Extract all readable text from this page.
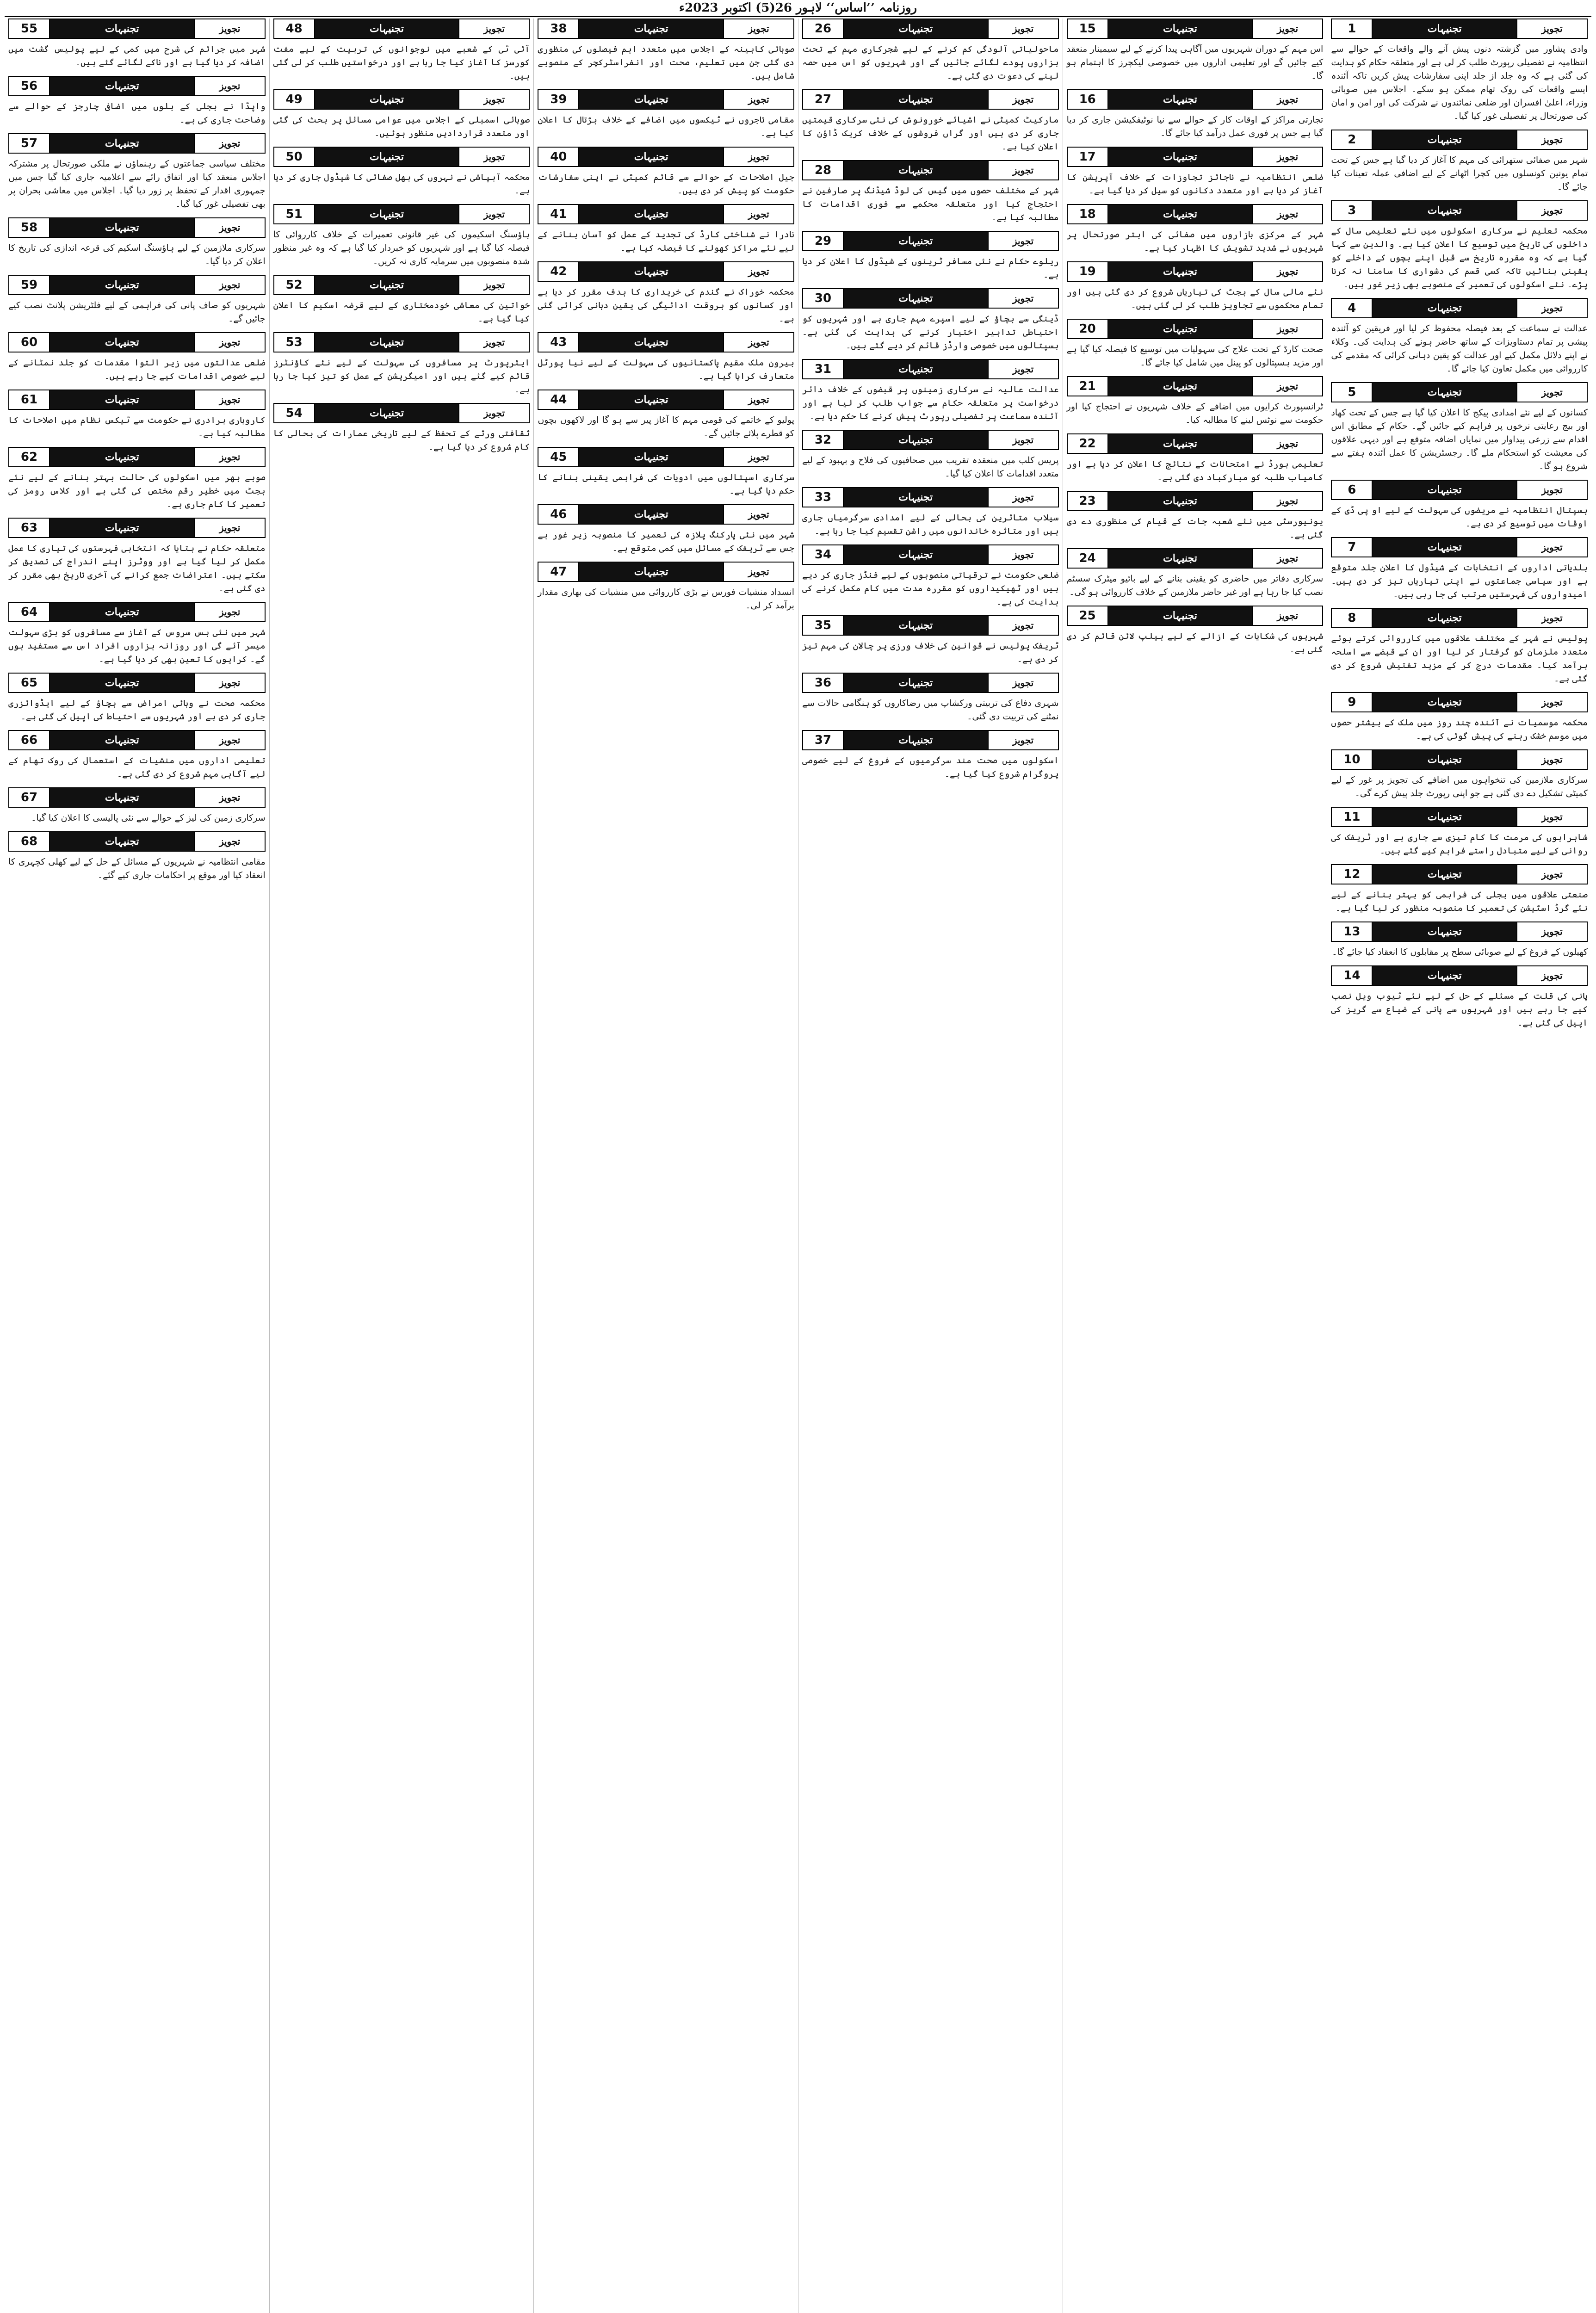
روزنامہ ’’اساس‘‘ لاہور 26(5) اکتوبر 2023ء
1	تجنیہات	تجویز
وادی پشاور میں گزشتہ دنوں پیش آنے والے واقعات کے حوالے سے انتظامیہ نے تفصیلی رپورٹ طلب کر لی ہے اور متعلقہ حکام کو ہدایت کی گئی ہے کہ وہ جلد از جلد اپنی سفارشات پیش کریں تاکہ آئندہ ایسے واقعات کی روک تھام ممکن ہو سکے۔ اجلاس میں صوبائی وزراء، اعلیٰ افسران اور ضلعی نمائندوں نے شرکت کی اور امن و امان کی صورتحال پر تفصیلی غور کیا گیا۔
2	تجنیہات	تجویز
شہر میں صفائی ستھرائی کی مہم کا آغاز کر دیا گیا ہے جس کے تحت تمام یونین کونسلوں میں کچرا اٹھانے کے لیے اضافی عملہ تعینات کیا جائے گا۔
3	تجنیہات	تجویز
محکمہ تعلیم نے سرکاری اسکولوں میں نئے تعلیمی سال کے داخلوں کی تاریخ میں توسیع کا اعلان کیا ہے۔ والدین سے کہا گیا ہے کہ وہ مقررہ تاریخ سے قبل اپنے بچوں کے داخلے کو یقینی بنائیں تاکہ کسی قسم کی دشواری کا سامنا نہ کرنا پڑے۔ نئے اسکولوں کی تعمیر کے منصوبے بھی زیر غور ہیں۔
4	تجنیہات	تجویز
عدالت نے سماعت کے بعد فیصلہ محفوظ کر لیا اور فریقین کو آئندہ پیشی پر تمام دستاویزات کے ساتھ حاضر ہونے کی ہدایت کی۔ وکلاء نے اپنے دلائل مکمل کیے اور عدالت کو یقین دہانی کرائی کہ مقدمے کی کارروائی میں مکمل تعاون کیا جائے گا۔
5	تجنیہات	تجویز
کسانوں کے لیے نئے امدادی پیکج کا اعلان کیا گیا ہے جس کے تحت کھاد اور بیج رعایتی نرخوں پر فراہم کیے جائیں گے۔ حکام کے مطابق اس اقدام سے زرعی پیداوار میں نمایاں اضافہ متوقع ہے اور دیہی علاقوں کی معیشت کو استحکام ملے گا۔ رجسٹریشن کا عمل آئندہ ہفتے سے شروع ہو گا۔
6	تجنیہات	تجویز
ہسپتال انتظامیہ نے مریضوں کی سہولت کے لیے او پی ڈی کے اوقات میں توسیع کر دی ہے۔
7	تجنیہات	تجویز
بلدیاتی اداروں کے انتخابات کے شیڈول کا اعلان جلد متوقع ہے اور سیاسی جماعتوں نے اپنی تیاریاں تیز کر دی ہیں۔ امیدواروں کی فہرستیں مرتب کی جا رہی ہیں۔
8	تجنیہات	تجویز
پولیس نے شہر کے مختلف علاقوں میں کارروائی کرتے ہوئے متعدد ملزمان کو گرفتار کر لیا اور ان کے قبضے سے اسلحہ برآمد کیا۔ مقدمات درج کر کے مزید تفتیش شروع کر دی گئی ہے۔
9	تجنیہات	تجویز
محکمہ موسمیات نے آئندہ چند روز میں ملک کے بیشتر حصوں میں موسم خشک رہنے کی پیش گوئی کی ہے۔
10	تجنیہات	تجویز
سرکاری ملازمین کی تنخواہوں میں اضافے کی تجویز پر غور کے لیے کمیٹی تشکیل دے دی گئی ہے جو اپنی رپورٹ جلد پیش کرے گی۔
11	تجنیہات	تجویز
شاہراہوں کی مرمت کا کام تیزی سے جاری ہے اور ٹریفک کی روانی کے لیے متبادل راستے فراہم کیے گئے ہیں۔
12	تجنیہات	تجویز
صنعتی علاقوں میں بجلی کی فراہمی کو بہتر بنانے کے لیے نئے گرڈ اسٹیشن کی تعمیر کا منصوبہ منظور کر لیا گیا ہے۔
13	تجنیہات	تجویز
کھیلوں کے فروغ کے لیے صوبائی سطح پر مقابلوں کا انعقاد کیا جائے گا۔
14	تجنیہات	تجویز
پانی کی قلت کے مسئلے کے حل کے لیے نئے ٹیوب ویل نصب کیے جا رہے ہیں اور شہریوں سے پانی کے ضیاع سے گریز کی اپیل کی گئی ہے۔
15	تجنیہات	تجویز
اس مہم کے دوران شہریوں میں آگاہی پیدا کرنے کے لیے سیمینار منعقد کیے جائیں گے اور تعلیمی اداروں میں خصوصی لیکچرز کا اہتمام ہو گا۔
16	تجنیہات	تجویز
تجارتی مراکز کے اوقات کار کے حوالے سے نیا نوٹیفکیشن جاری کر دیا گیا ہے جس پر فوری عمل درآمد کیا جائے گا۔
17	تجنیہات	تجویز
ضلعی انتظامیہ نے ناجائز تجاوزات کے خلاف آپریشن کا آغاز کر دیا ہے اور متعدد دکانوں کو سیل کر دیا گیا ہے۔
18	تجنیہات	تجویز
شہر کے مرکزی بازاروں میں صفائی کی ابتر صورتحال پر شہریوں نے شدید تشویش کا اظہار کیا ہے۔
19	تجنیہات	تجویز
نئے مالی سال کے بجٹ کی تیاریاں شروع کر دی گئی ہیں اور تمام محکموں سے تجاویز طلب کر لی گئی ہیں۔
20	تجنیہات	تجویز
صحت کارڈ کے تحت علاج کی سہولیات میں توسیع کا فیصلہ کیا گیا ہے اور مزید ہسپتالوں کو پینل میں شامل کیا جائے گا۔
21	تجنیہات	تجویز
ٹرانسپورٹ کرایوں میں اضافے کے خلاف شہریوں نے احتجاج کیا اور حکومت سے نوٹس لینے کا مطالبہ کیا۔
22	تجنیہات	تجویز
تعلیمی بورڈ نے امتحانات کے نتائج کا اعلان کر دیا ہے اور کامیاب طلبہ کو مبارکباد دی گئی ہے۔
23	تجنیہات	تجویز
یونیورسٹی میں نئے شعبہ جات کے قیام کی منظوری دے دی گئی ہے۔
24	تجنیہات	تجویز
سرکاری دفاتر میں حاضری کو یقینی بنانے کے لیے بائیو میٹرک سسٹم نصب کیا جا رہا ہے اور غیر حاضر ملازمین کے خلاف کارروائی ہو گی۔
25	تجنیہات	تجویز
شہریوں کی شکایات کے ازالے کے لیے ہیلپ لائن قائم کر دی گئی ہے۔
26	تجنیہات	تجویز
ماحولیاتی آلودگی کم کرنے کے لیے شجرکاری مہم کے تحت ہزاروں پودے لگائے جائیں گے اور شہریوں کو اس میں حصہ لینے کی دعوت دی گئی ہے۔
27	تجنیہات	تجویز
مارکیٹ کمیٹی نے اشیائے خورونوش کی نئی سرکاری قیمتیں جاری کر دی ہیں اور گراں فروشوں کے خلاف کریک ڈاؤن کا اعلان کیا ہے۔
28	تجنیہات	تجویز
شہر کے مختلف حصوں میں گیس کی لوڈ شیڈنگ پر صارفین نے احتجاج کیا اور متعلقہ محکمے سے فوری اقدامات کا مطالبہ کیا ہے۔
29	تجنیہات	تجویز
ریلوے حکام نے نئی مسافر ٹرینوں کے شیڈول کا اعلان کر دیا ہے۔
30	تجنیہات	تجویز
ڈینگی سے بچاؤ کے لیے اسپرے مہم جاری ہے اور شہریوں کو احتیاطی تدابیر اختیار کرنے کی ہدایت کی گئی ہے۔ ہسپتالوں میں خصوصی وارڈز قائم کر دیے گئے ہیں۔
31	تجنیہات	تجویز
عدالت عالیہ نے سرکاری زمینوں پر قبضوں کے خلاف دائر درخواست پر متعلقہ حکام سے جواب طلب کر لیا ہے اور آئندہ سماعت پر تفصیلی رپورٹ پیش کرنے کا حکم دیا ہے۔
32	تجنیہات	تجویز
پریس کلب میں منعقدہ تقریب میں صحافیوں کی فلاح و بہبود کے لیے متعدد اقدامات کا اعلان کیا گیا۔
33	تجنیہات	تجویز
سیلاب متاثرین کی بحالی کے لیے امدادی سرگرمیاں جاری ہیں اور متاثرہ خاندانوں میں راشن تقسیم کیا جا رہا ہے۔
34	تجنیہات	تجویز
ضلعی حکومت نے ترقیاتی منصوبوں کے لیے فنڈز جاری کر دیے ہیں اور ٹھیکیداروں کو مقررہ مدت میں کام مکمل کرنے کی ہدایت کی ہے۔
35	تجنیہات	تجویز
ٹریفک پولیس نے قوانین کی خلاف ورزی پر چالان کی مہم تیز کر دی ہے۔
36	تجنیہات	تجویز
شہری دفاع کی تربیتی ورکشاپ میں رضاکاروں کو ہنگامی حالات سے نمٹنے کی تربیت دی گئی۔
37	تجنیہات	تجویز
اسکولوں میں صحت مند سرگرمیوں کے فروغ کے لیے خصوصی پروگرام شروع کیا گیا ہے۔
38	تجنیہات	تجویز
صوبائی کابینہ کے اجلاس میں متعدد اہم فیصلوں کی منظوری دی گئی جن میں تعلیم، صحت اور انفراسٹرکچر کے منصوبے شامل ہیں۔
39	تجنیہات	تجویز
مقامی تاجروں نے ٹیکسوں میں اضافے کے خلاف ہڑتال کا اعلان کیا ہے۔
40	تجنیہات	تجویز
جیل اصلاحات کے حوالے سے قائم کمیٹی نے اپنی سفارشات حکومت کو پیش کر دی ہیں۔
41	تجنیہات	تجویز
نادرا نے شناختی کارڈ کی تجدید کے عمل کو آسان بنانے کے لیے نئے مراکز کھولنے کا فیصلہ کیا ہے۔
42	تجنیہات	تجویز
محکمہ خوراک نے گندم کی خریداری کا ہدف مقرر کر دیا ہے اور کسانوں کو بروقت ادائیگی کی یقین دہانی کرائی گئی ہے۔
43	تجنیہات	تجویز
بیرون ملک مقیم پاکستانیوں کی سہولت کے لیے نیا پورٹل متعارف کرایا گیا ہے۔
44	تجنیہات	تجویز
پولیو کے خاتمے کی قومی مہم کا آغاز پیر سے ہو گا اور لاکھوں بچوں کو قطرے پلائے جائیں گے۔
45	تجنیہات	تجویز
سرکاری اسپتالوں میں ادویات کی فراہمی یقینی بنانے کا حکم دیا گیا ہے۔
46	تجنیہات	تجویز
شہر میں نئی پارکنگ پلازہ کی تعمیر کا منصوبہ زیر غور ہے جس سے ٹریفک کے مسائل میں کمی متوقع ہے۔
47	تجنیہات	تجویز
انسداد منشیات فورس نے بڑی کارروائی میں منشیات کی بھاری مقدار برآمد کر لی۔
48	تجنیہات	تجویز
آئی ٹی کے شعبے میں نوجوانوں کی تربیت کے لیے مفت کورسز کا آغاز کیا جا رہا ہے اور درخواستیں طلب کر لی گئی ہیں۔
49	تجنیہات	تجویز
صوبائی اسمبلی کے اجلاس میں عوامی مسائل پر بحث کی گئی اور متعدد قراردادیں منظور ہوئیں۔
50	تجنیہات	تجویز
محکمہ آبپاشی نے نہروں کی بھل صفائی کا شیڈول جاری کر دیا ہے۔
51	تجنیہات	تجویز
ہاؤسنگ اسکیموں کی غیر قانونی تعمیرات کے خلاف کارروائی کا فیصلہ کیا گیا ہے اور شہریوں کو خبردار کیا گیا ہے کہ وہ غیر منظور شدہ منصوبوں میں سرمایہ کاری نہ کریں۔
52	تجنیہات	تجویز
خواتین کی معاشی خودمختاری کے لیے قرضہ اسکیم کا اعلان کیا گیا ہے۔
53	تجنیہات	تجویز
ایئرپورٹ پر مسافروں کی سہولت کے لیے نئے کاؤنٹرز قائم کیے گئے ہیں اور امیگریشن کے عمل کو تیز کیا جا رہا ہے۔
54	تجنیہات	تجویز
ثقافتی ورثے کے تحفظ کے لیے تاریخی عمارات کی بحالی کا کام شروع کر دیا گیا ہے۔
55	تجنیہات	تجویز
شہر میں جرائم کی شرح میں کمی کے لیے پولیس گشت میں اضافہ کر دیا گیا ہے اور ناکے لگائے گئے ہیں۔
56	تجنیہات	تجویز
واپڈا نے بجلی کے بلوں میں اضافی چارجز کے حوالے سے وضاحت جاری کی ہے۔
57	تجنیہات	تجویز
مختلف سیاسی جماعتوں کے رہنماؤں نے ملکی صورتحال پر مشترکہ اجلاس منعقد کیا اور اتفاق رائے سے اعلامیہ جاری کیا گیا جس میں جمہوری اقدار کے تحفظ پر زور دیا گیا۔ اجلاس میں معاشی بحران پر بھی تفصیلی غور کیا گیا۔
58	تجنیہات	تجویز
سرکاری ملازمین کے لیے ہاؤسنگ اسکیم کی قرعہ اندازی کی تاریخ کا اعلان کر دیا گیا۔
59	تجنیہات	تجویز
شہریوں کو صاف پانی کی فراہمی کے لیے فلٹریشن پلانٹ نصب کیے جائیں گے۔
60	تجنیہات	تجویز
ضلعی عدالتوں میں زیر التوا مقدمات کو جلد نمٹانے کے لیے خصوصی اقدامات کیے جا رہے ہیں۔
61	تجنیہات	تجویز
کاروباری برادری نے حکومت سے ٹیکس نظام میں اصلاحات کا مطالبہ کیا ہے۔
62	تجنیہات	تجویز
صوبے بھر میں اسکولوں کی حالت بہتر بنانے کے لیے نئے بجٹ میں خطیر رقم مختص کی گئی ہے اور کلاس رومز کی تعمیر کا کام جاری ہے۔
63	تجنیہات	تجویز
متعلقہ حکام نے بتایا کہ انتخابی فہرستوں کی تیاری کا عمل مکمل کر لیا گیا ہے اور ووٹرز اپنے اندراج کی تصدیق کر سکتے ہیں۔ اعتراضات جمع کرانے کی آخری تاریخ بھی مقرر کر دی گئی ہے۔
64	تجنیہات	تجویز
شہر میں نئی بس سروس کے آغاز سے مسافروں کو بڑی سہولت میسر آئے گی اور روزانہ ہزاروں افراد اس سے مستفید ہوں گے۔ کرایوں کا تعین بھی کر دیا گیا ہے۔
65	تجنیہات	تجویز
محکمہ صحت نے وبائی امراض سے بچاؤ کے لیے ایڈوائزری جاری کر دی ہے اور شہریوں سے احتیاط کی اپیل کی گئی ہے۔
66	تجنیہات	تجویز
تعلیمی اداروں میں منشیات کے استعمال کی روک تھام کے لیے آگاہی مہم شروع کر دی گئی ہے۔
67	تجنیہات	تجویز
سرکاری زمین کی لیز کے حوالے سے نئی پالیسی کا اعلان کیا گیا۔
68	تجنیہات	تجویز
مقامی انتظامیہ نے شہریوں کے مسائل کے حل کے لیے کھلی کچہری کا انعقاد کیا اور موقع پر احکامات جاری کیے گئے۔
